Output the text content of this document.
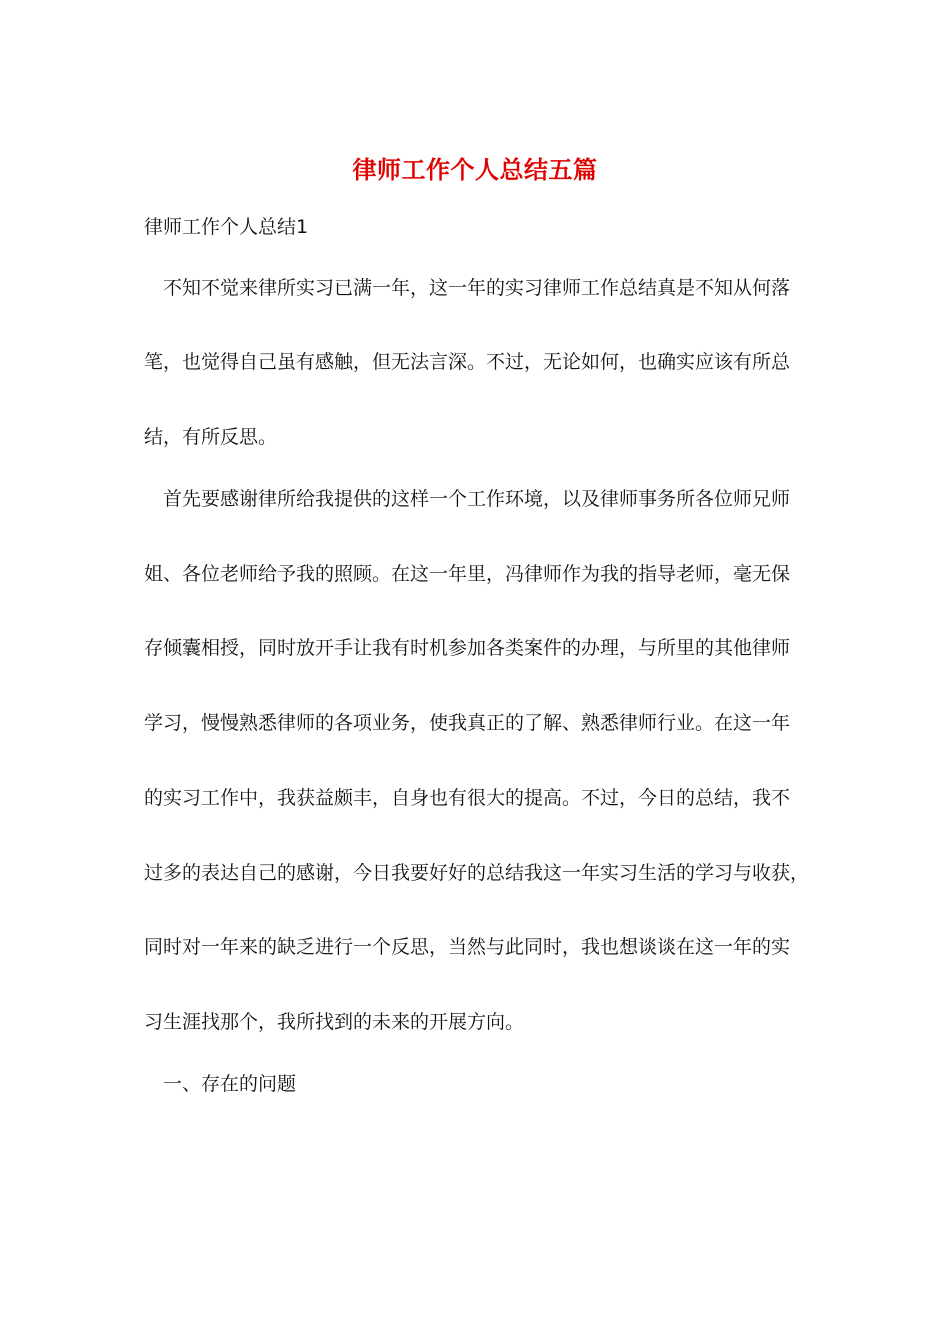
律师工作个人总结五篇
律师工作个人总结1
不知不觉来律所实习已满一年，这一年的实习律师工作总结真是不知从何落
笔，也觉得自己虽有感触，但无法言深。不过，无论如何，也确实应该有所总
结，有所反思。
首先要感谢律所给我提供的这样一个工作环境，以及律师事务所各位师兄师
姐、各位老师给予我的照顾。在这一年里，冯律师作为我的指导老师，毫无保
存倾囊相授，同时放开手让我有时机参加各类案件的办理，与所里的其他律师
学习，慢慢熟悉律师的各项业务，使我真正的了解、熟悉律师行业。在这一年
的实习工作中，我获益颇丰，自身也有很大的提高。不过，今日的总结，我不
过多的表达自己的感谢，今日我要好好的总结我这一年实习生活的学习与收获，
同时对一年来的缺乏进行一个反思，当然与此同时，我也想谈谈在这一年的实
习生涯找那个，我所找到的未来的开展方向。
一、存在的问题
